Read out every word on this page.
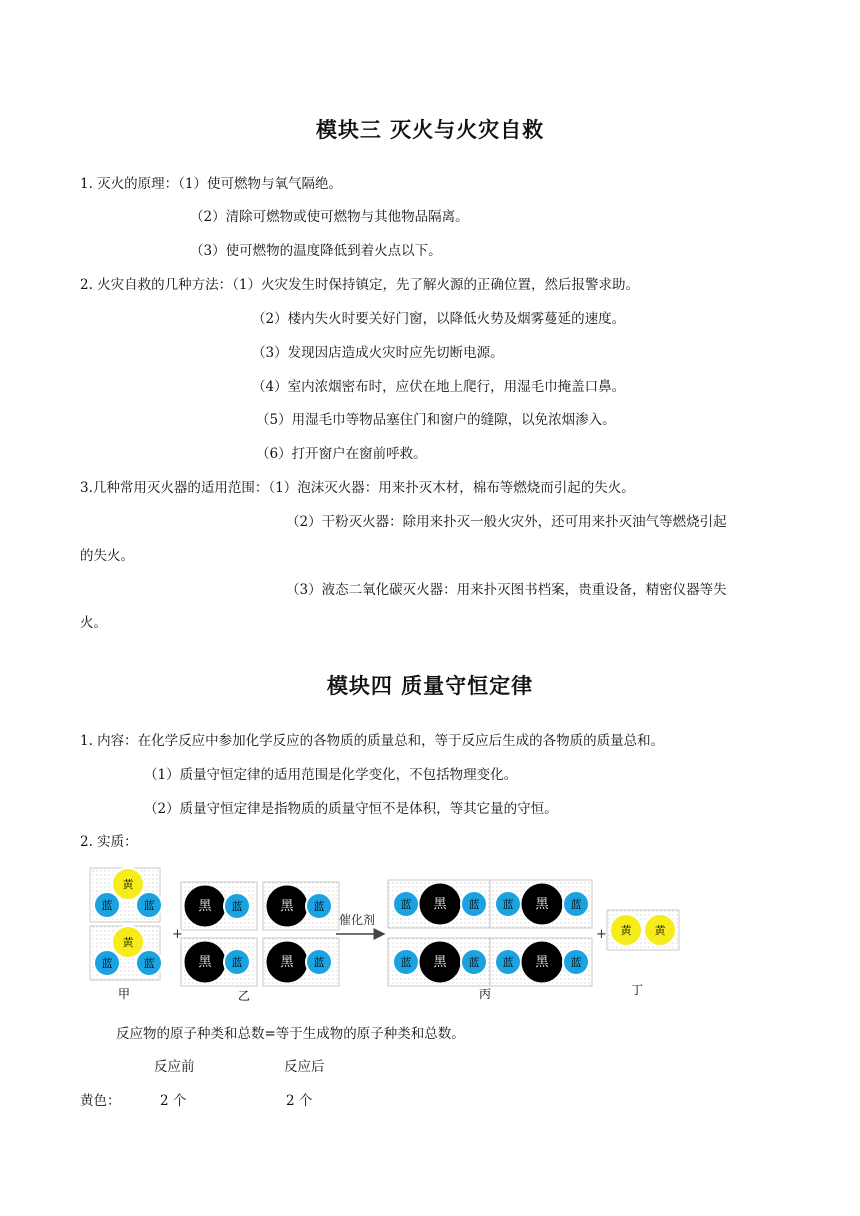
模块三 灭火与火灾自救
1. 灭火的原理：（1）使可燃物与氧气隔绝。
（2）清除可燃物或使可燃物与其他物品隔离。
（3）使可燃物的温度降低到着火点以下。
2. 火灾自救的几种方法：（1）火灾发生时保持镇定，先了解火源的正确位置，然后报警求助。
（2）楼内失火时要关好门窗，以降低火势及烟雾蔓延的速度。
（3）发现因店造成火灾时应先切断电源。
（4）室内浓烟密布时，应伏在地上爬行，用湿毛巾掩盖口鼻。
（5）用湿毛巾等物品塞住门和窗户的缝隙，以免浓烟渗入。
（6）打开窗户在窗前呼救。
3.几种常用灭火器的适用范围：（1）泡沫灭火器：用来扑灭木材，棉布等燃烧而引起的失火。
（2）干粉灭火器：除用来扑灭一般火灾外，还可用来扑灭油气等燃烧引起
的失火。
（3）液态二氧化碳灭火器：用来扑灭图书档案，贵重设备，精密仪器等失
火。
模块四 质量守恒定律
1. 内容：在化学反应中参加化学反应的各物质的质量总和，等于反应后生成的各物质的质量总和。
（1）质量守恒定律的适用范围是化学变化，不包括物理变化。
（2）质量守恒定律是指物质的质量守恒不是体积，等其它量的守恒。
2. 实质：
黄
蓝	蓝
黄
蓝	蓝
黑 蓝
黑 蓝
黑 蓝
黑 蓝
蓝 黑 蓝
蓝 黑 蓝
蓝 黑 蓝
蓝 黑 蓝
黄 黄
+	+
催化剂
甲	乙	丙	丁
反应物的原子种类和总数=等于生成物的原子种类和总数。
反应前	反应后
黄色：	2 个	2 个
